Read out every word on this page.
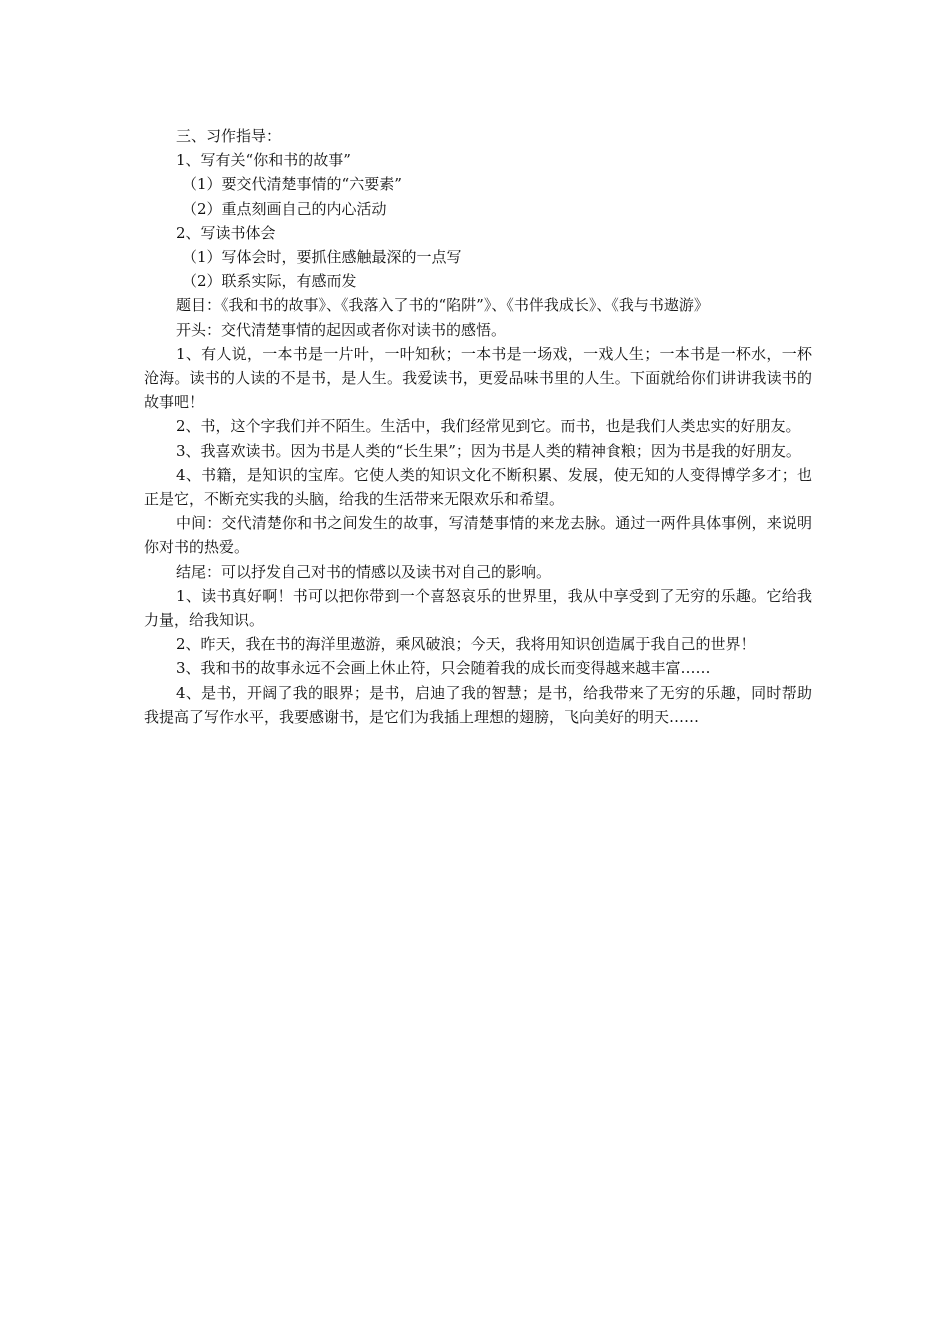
三、习作指导：
1、写有关“你和书的故事”
（1）要交代清楚事情的“六要素”
（2）重点刻画自己的内心活动
2、写读书体会
（1）写体会时，要抓住感触最深的一点写
（2）联系实际，有感而发
题目：《我和书的故事》、《我落入了书的“陷阱”》、《书伴我成长》、《我与书遨游》
开头：交代清楚事情的起因或者你对读书的感悟。
1、有人说，一本书是一片叶，一叶知秋；一本书是一场戏，一戏人生；一本书是一杯水，一杯沧海。读书的人读的不是书，是人生。我爱读书，更爱品味书里的人生。下面就给你们讲讲我读书的故事吧！
2、书，这个字我们并不陌生。生活中，我们经常见到它。而书，也是我们人类忠实的好朋友。
3、我喜欢读书。因为书是人类的“长生果”；因为书是人类的精神食粮；因为书是我的好朋友。
4、书籍，是知识的宝库。它使人类的知识文化不断积累、发展，使无知的人变得博学多才；也正是它，不断充实我的头脑，给我的生活带来无限欢乐和希望。
中间：交代清楚你和书之间发生的故事，写清楚事情的来龙去脉。通过一两件具体事例，来说明你对书的热爱。
结尾：可以抒发自己对书的情感以及读书对自己的影响。
1、读书真好啊！书可以把你带到一个喜怒哀乐的世界里，我从中享受到了无穷的乐趣。它给我力量，给我知识。
2、昨天，我在书的海洋里遨游，乘风破浪；今天，我将用知识创造属于我自己的世界！
3、我和书的故事永远不会画上休止符，只会随着我的成长而变得越来越丰富……
4、是书，开阔了我的眼界；是书，启迪了我的智慧；是书，给我带来了无穷的乐趣，同时帮助我提高了写作水平，我要感谢书，是它们为我插上理想的翅膀，飞向美好的明天……
